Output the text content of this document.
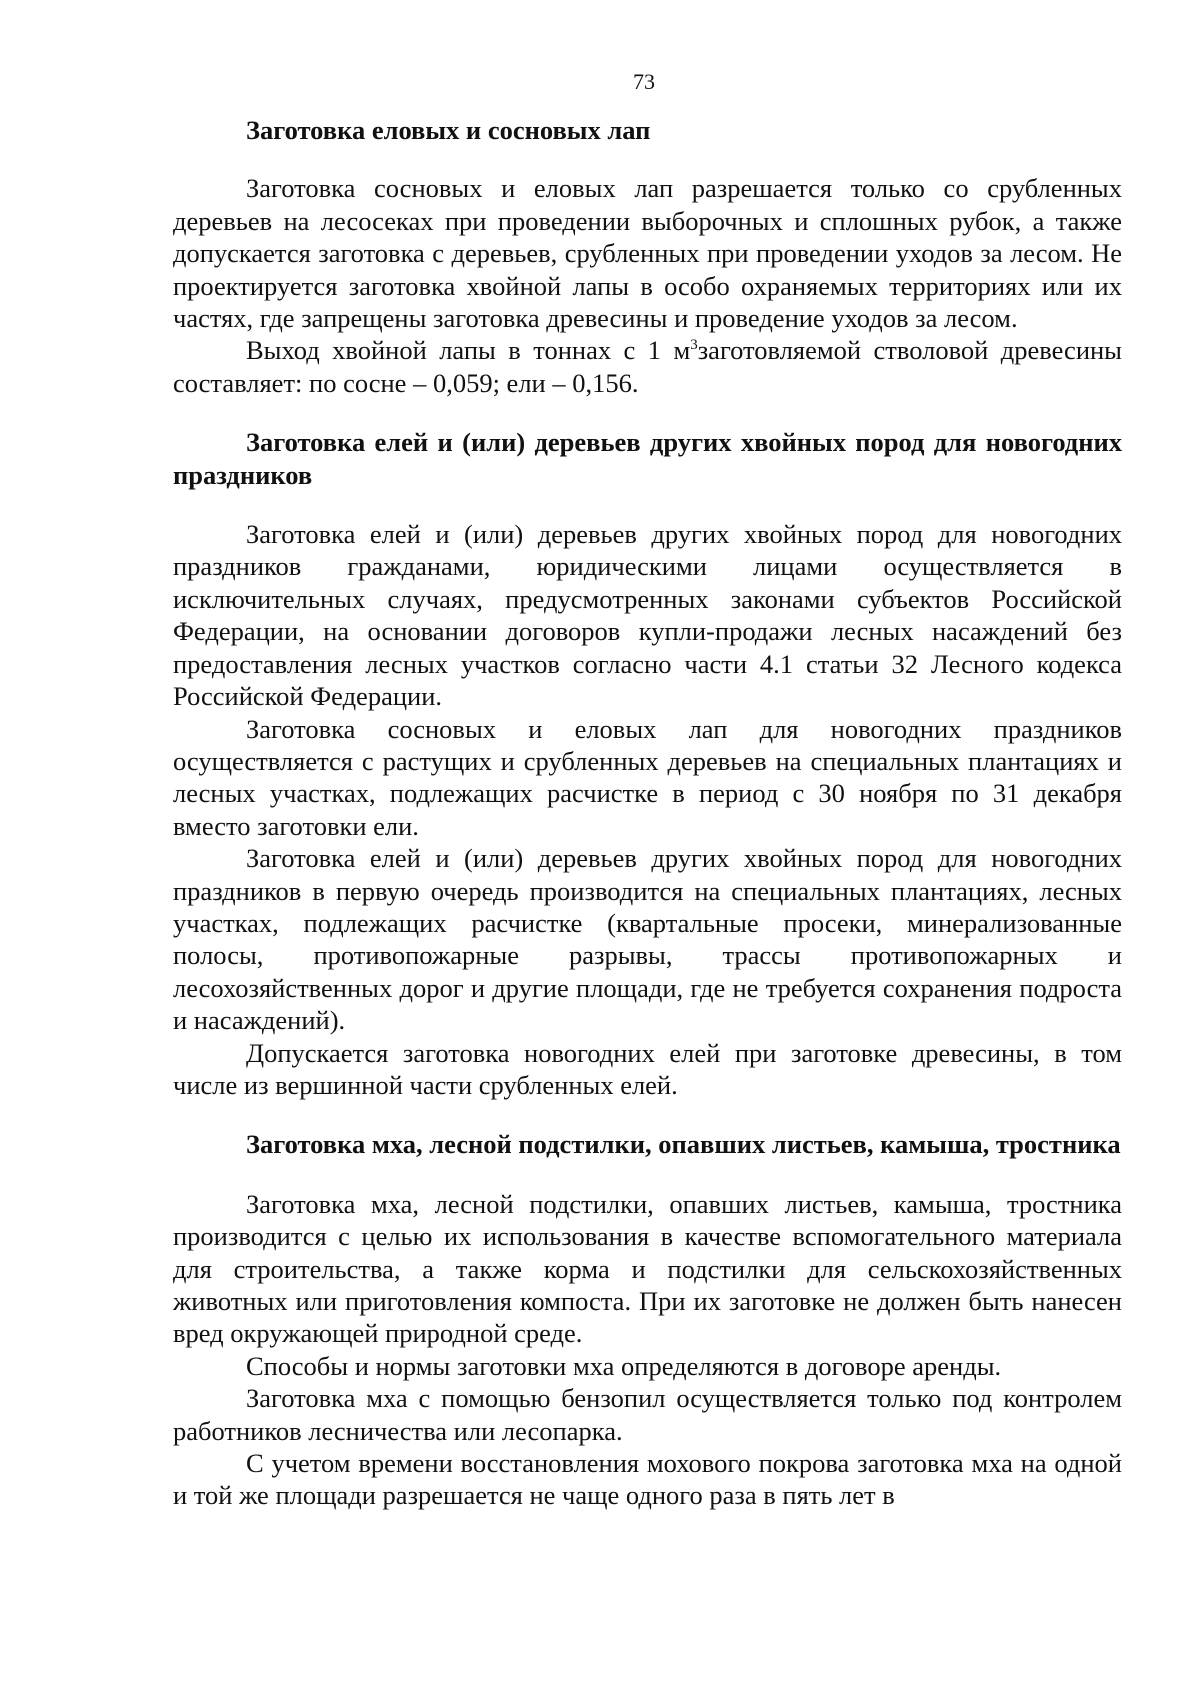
73
Заготовка еловых и сосновых лап

Заготовка сосновых и еловых лап разрешается только со срубленных деревьев на лесосеках при проведении выборочных и сплошных рубок, а также допускается заготовка с деревьев, срубленных при проведении уходов за лесом. Не проектируется заготовка хвойной лапы в особо охраняемых территориях или их частях, где запрещены заготовка древесины и проведение уходов за лесом.

Выход хвойной лапы в тоннах с 1 $м^3заготовляемой$ стволовой древесины составляет: по сосне – 0,059; ели – 0,156.

Заготовка елей и (или) деревьев других хвойных пород для новогодних праздников

Заготовка елей и (или) деревьев других хвойных пород для новогодних праздников гражданами, юридическими лицами осуществляется в исключительных случаях, предусмотренных законами субъектов Российской Федерации, на основании договоров купли-продажи лесных насаждений без предоставления лесных участков согласно части 4.1 статьи 32 Лесного кодекса Российской Федерации.

Заготовка сосновых и еловых лап для новогодних праздников осуществляется с растущих и срубленных деревьев на специальных плантациях и лесных участках, подлежащих расчистке в период с 30 ноября по 31 декабря вместо заготовки ели.

Заготовка елей и (или) деревьев других хвойных пород для новогодних праздников в первую очередь производится на специальных плантациях, лесных участках, подлежащих расчистке (квартальные просеки, минерализованные полосы, противопожарные разрывы, трассы противопожарных и лесохозяйственных дорог и другие площади, где не требуется сохранения подроста и насаждений).

Допускается заготовка новогодних елей при заготовке древесины, в том числе из вершинной части срубленных елей.

Заготовка мха, лесной подстилки, опавших листьев, камыша, тростника

Заготовка мха, лесной подстилки, опавших листьев, камыша, тростника производится с целью их использования в качестве вспомогательного материала для строительства, а также корма и подстилки для сельскохозяйственных животных или приготовления компоста. При их заготовке не должен быть нанесен вред окружающей природной среде.

Способы и нормы заготовки мха определяются в договоре аренды.

Заготовка мха с помощью бензопил осуществляется только под контролем работников лесничества или лесопарка.

С учетом времени восстановления мохового покрова заготовка мха на одной и той же площади разрешается не чаще одного раза в пять лет в
